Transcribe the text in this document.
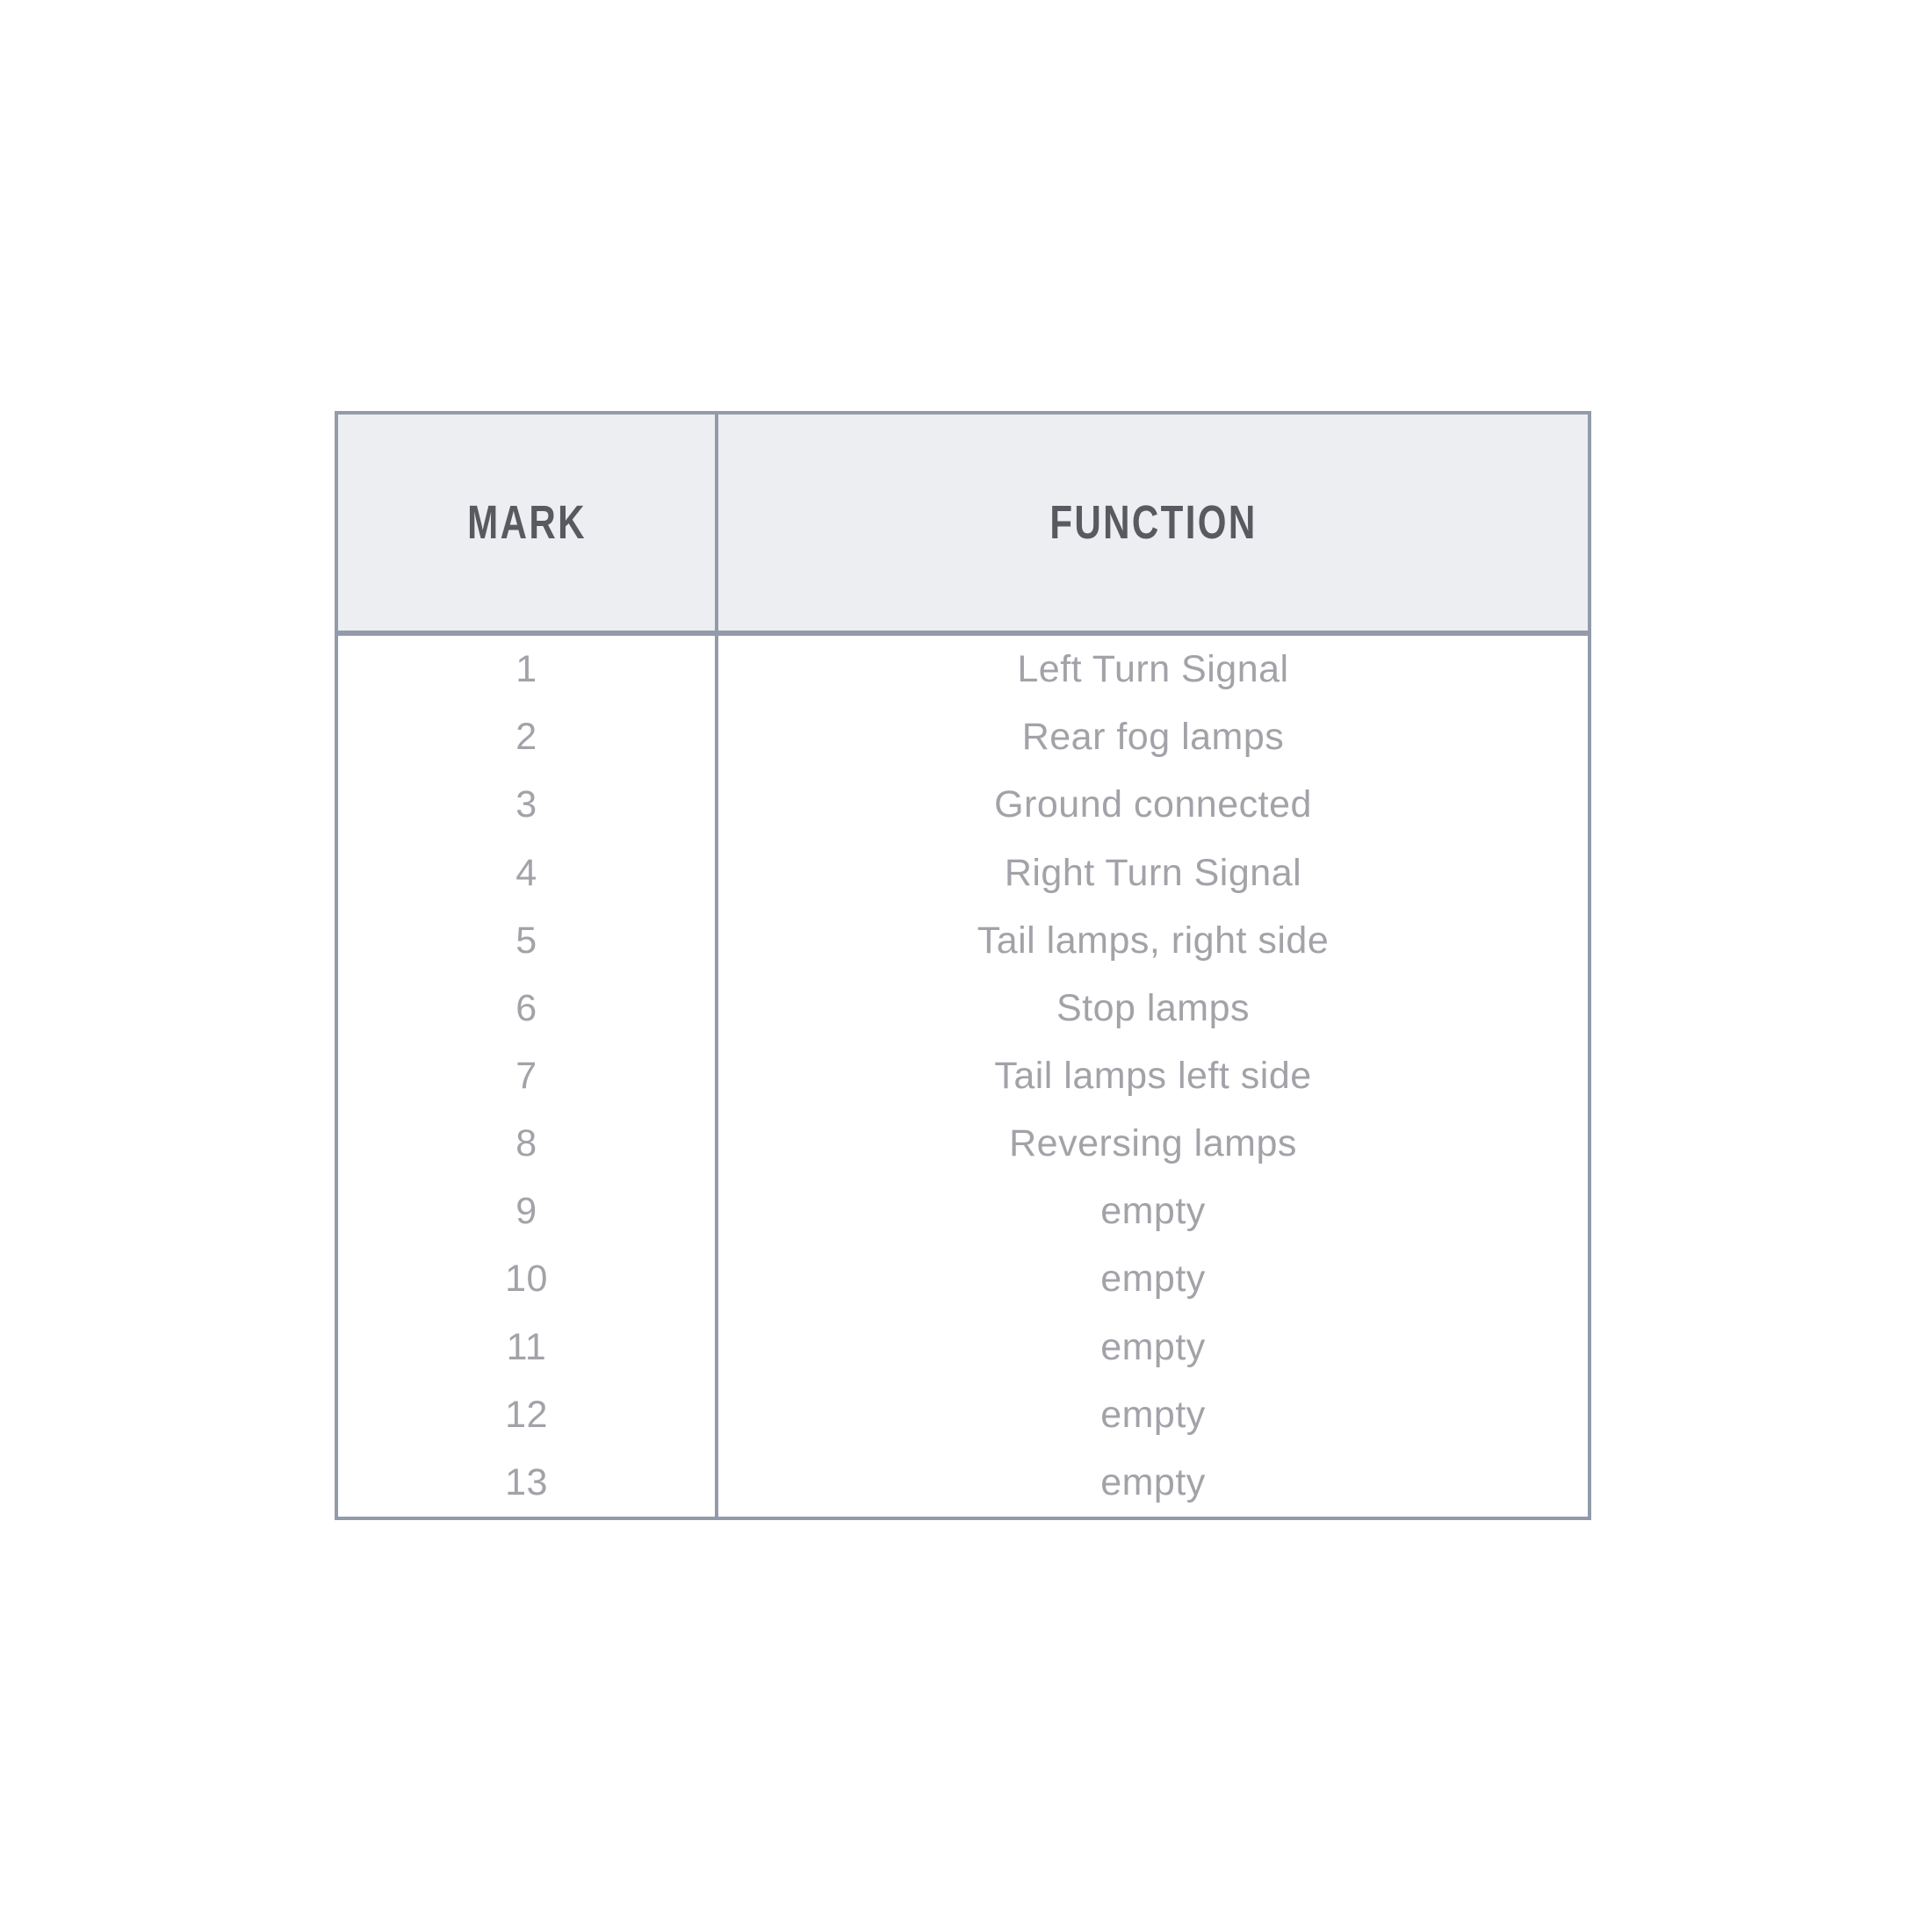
MARK	FUNCTION
1	Left Turn Signal
2	Rear fog lamps
3	Ground connected
4	Right Turn Signal
5	Tail lamps, right side
6	Stop lamps
7	Tail lamps left side
8	Reversing lamps
9	empty
10	empty
11	empty
12	empty
13	empty
